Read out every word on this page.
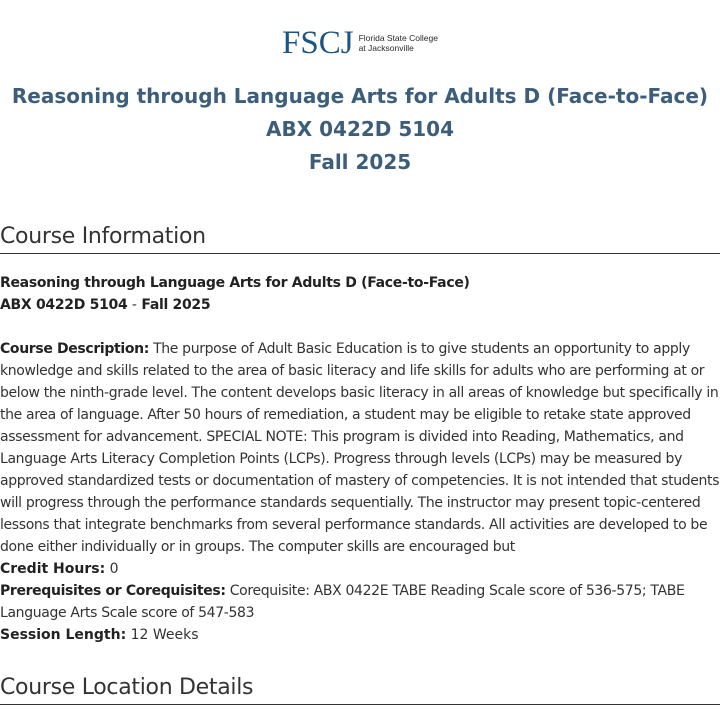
FSCJ Florida State College
at Jacksonville
Reasoning through Language Arts for Adults D (Face-to-Face)
ABX 0422D 5104
Fall 2025
Course Information
Reasoning through Language Arts for Adults D (Face-to-Face)
ABX 0422D 5104 - Fall 2025
Course Description: The purpose of Adult Basic Education is to give students an opportunity to apply knowledge and skills related to the area of basic literacy and life skills for adults who are performing at or below the ninth-grade level. The content develops basic literacy in all areas of knowledge but specifically in the area of language. After 50 hours of remediation, a student may be eligible to retake state approved assessment for advancement. SPECIAL NOTE: This program is divided into Reading, Mathematics, and Language Arts Literacy Completion Points (LCPs). Progress through levels (LCPs) may be measured by approved standardized tests or documentation of mastery of competencies. It is not intended that students will progress through the performance standards sequentially. The instructor may present topic-centered lessons that integrate benchmarks from several performance standards. All activities are developed to be done either individually or in groups. The computer skills are encouraged but
Credit Hours: 0
Prerequisites or Corequisites: Corequisite: ABX 0422E TABE Reading Scale score of 536-575; TABE Language Arts Scale score of 547-583
Session Length: 12 Weeks
Course Location Details
